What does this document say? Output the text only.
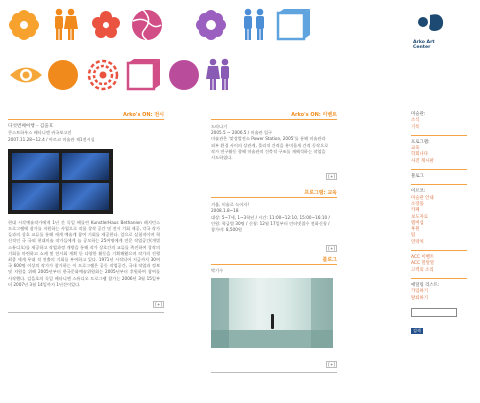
Arko Art Center
Arko's ON: 전시
다섯번째여행 – 김을호
콘스트하우스 베타니엔 귀국보고전
2007.11.28~12.4 / 아르코 미술관 제1전시실
현대 시각예술작가에게 1년 간 독일 베를린 KunstlerHaus Bethanien 레지던스 프로그램에 참가를 지원하는 사업으로 작품 창작 공간 및 전시 기회 제공, 각국 작가들과의 상호 교류를 통해 세계 예술계 참여 기회를 제공한다. 앞으로 실험적이며 혁신적인 국 국외 현대미술 작가들에게 늘 공모하는 25여명에게 전문 작업공간(개별 스튜디오)를 제공하고 작업과정 개방을 통해 작가 상호간의 교류를 촉진하여 창작의 기회를 마련하고 쇼케 및 전시회 계획 등 다양한 활동을 기획해왔으며 작가의 진행 최종 세계 무대 적 진출의 기회를 부여하고 있다. 1971년 시작되어 지금까지 30여국 600명 이상의 작가가 참가하는 이 프로그램은 공동 작업공간, 국내 작업과 정보 및 지원을 위해 2005년부터 한국문화예술위원회는 2005년부터 후원하여 참여를 시작했다. 김을호의 독일 베타니엔 스튜디오 프로그램 참가는 2006년 3월 15일부터 2007년 3월 14일까지 1년간이었다.
[+]
Arko's ON: 이벤트
드라나기
2005.5 ~ 2006.5 / 미술관 입구
미술관은 '맞장발전소 Power Station, 2005'를 통해 미술관과 외부 환경 사이의 상관계, 물리적 간격을 흥미롭게 간격 동작으로 작가 연구활동 향해 미술관의 건축적 구조를 재해석하는 작업을 시도하였다.
[+]
프로그램: 교육
겨울, 미술로 녹이자!
2008.1.8~18
대상: 5~7세, 1~3학년 / 시간: 11:00~12:10, 15:00~16:10 / 인원: 학급별 30명 / 신청: 12월 17일부터 인터넷접수 전화신청 / 참가비: 8,500원
[+]
블로그
박기수
[+]
미술관:
소식
기록
프로그램:
교육
학회나다
사진 게시판
블로그
이르코:
미술관 안내
소장품
카페
보도자료
멤버십
후원
팀
연락처
ACC 이벤트
ACC 말말말
고객의 소리
애딜링 리스트:
가입하기
탈퇴하기
검색
